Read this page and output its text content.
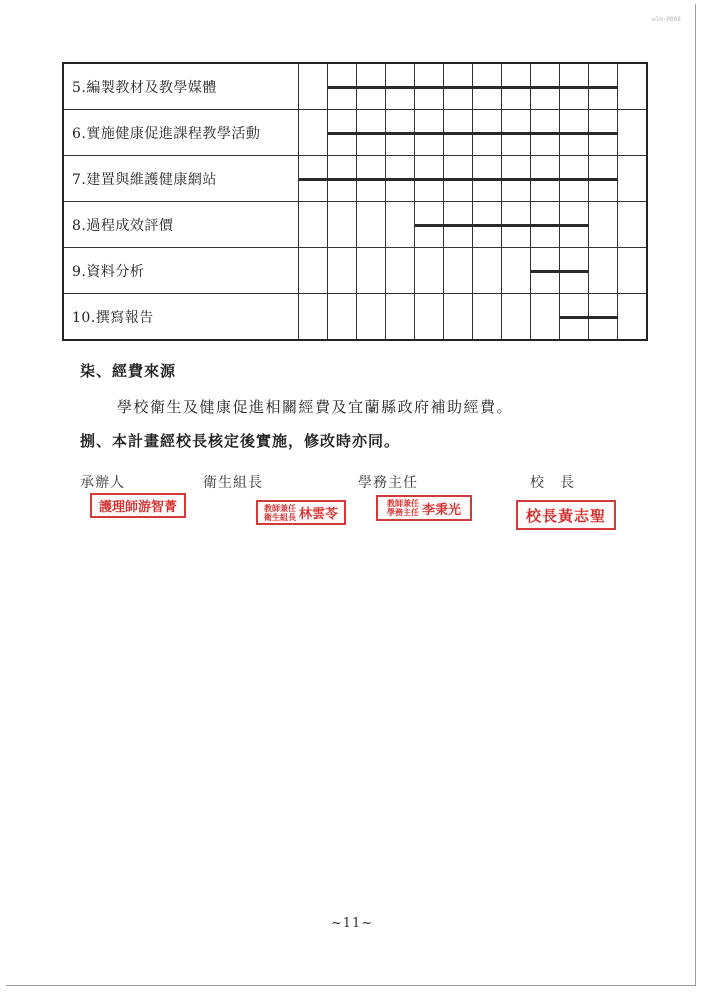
wlm-0088
5.編製教材及教學媒體		

6.實施健康促進課程教學活動		

7.建置與維護健康網站	

8.過程成效評價					

9.資料分析									

10.撰寫報告										

柒、經費來源
學校衛生及健康促進相關經費及宜蘭縣政府補助經費。
捌、本計畫經校長核定後實施，修改時亦同。
承辦人	衛生組長	學務主任	校　長
護理師游智菁	教師兼任
衛生組長 林雲苓
教師兼任
學務主任 李秉光	校長黃志聖
~11~
